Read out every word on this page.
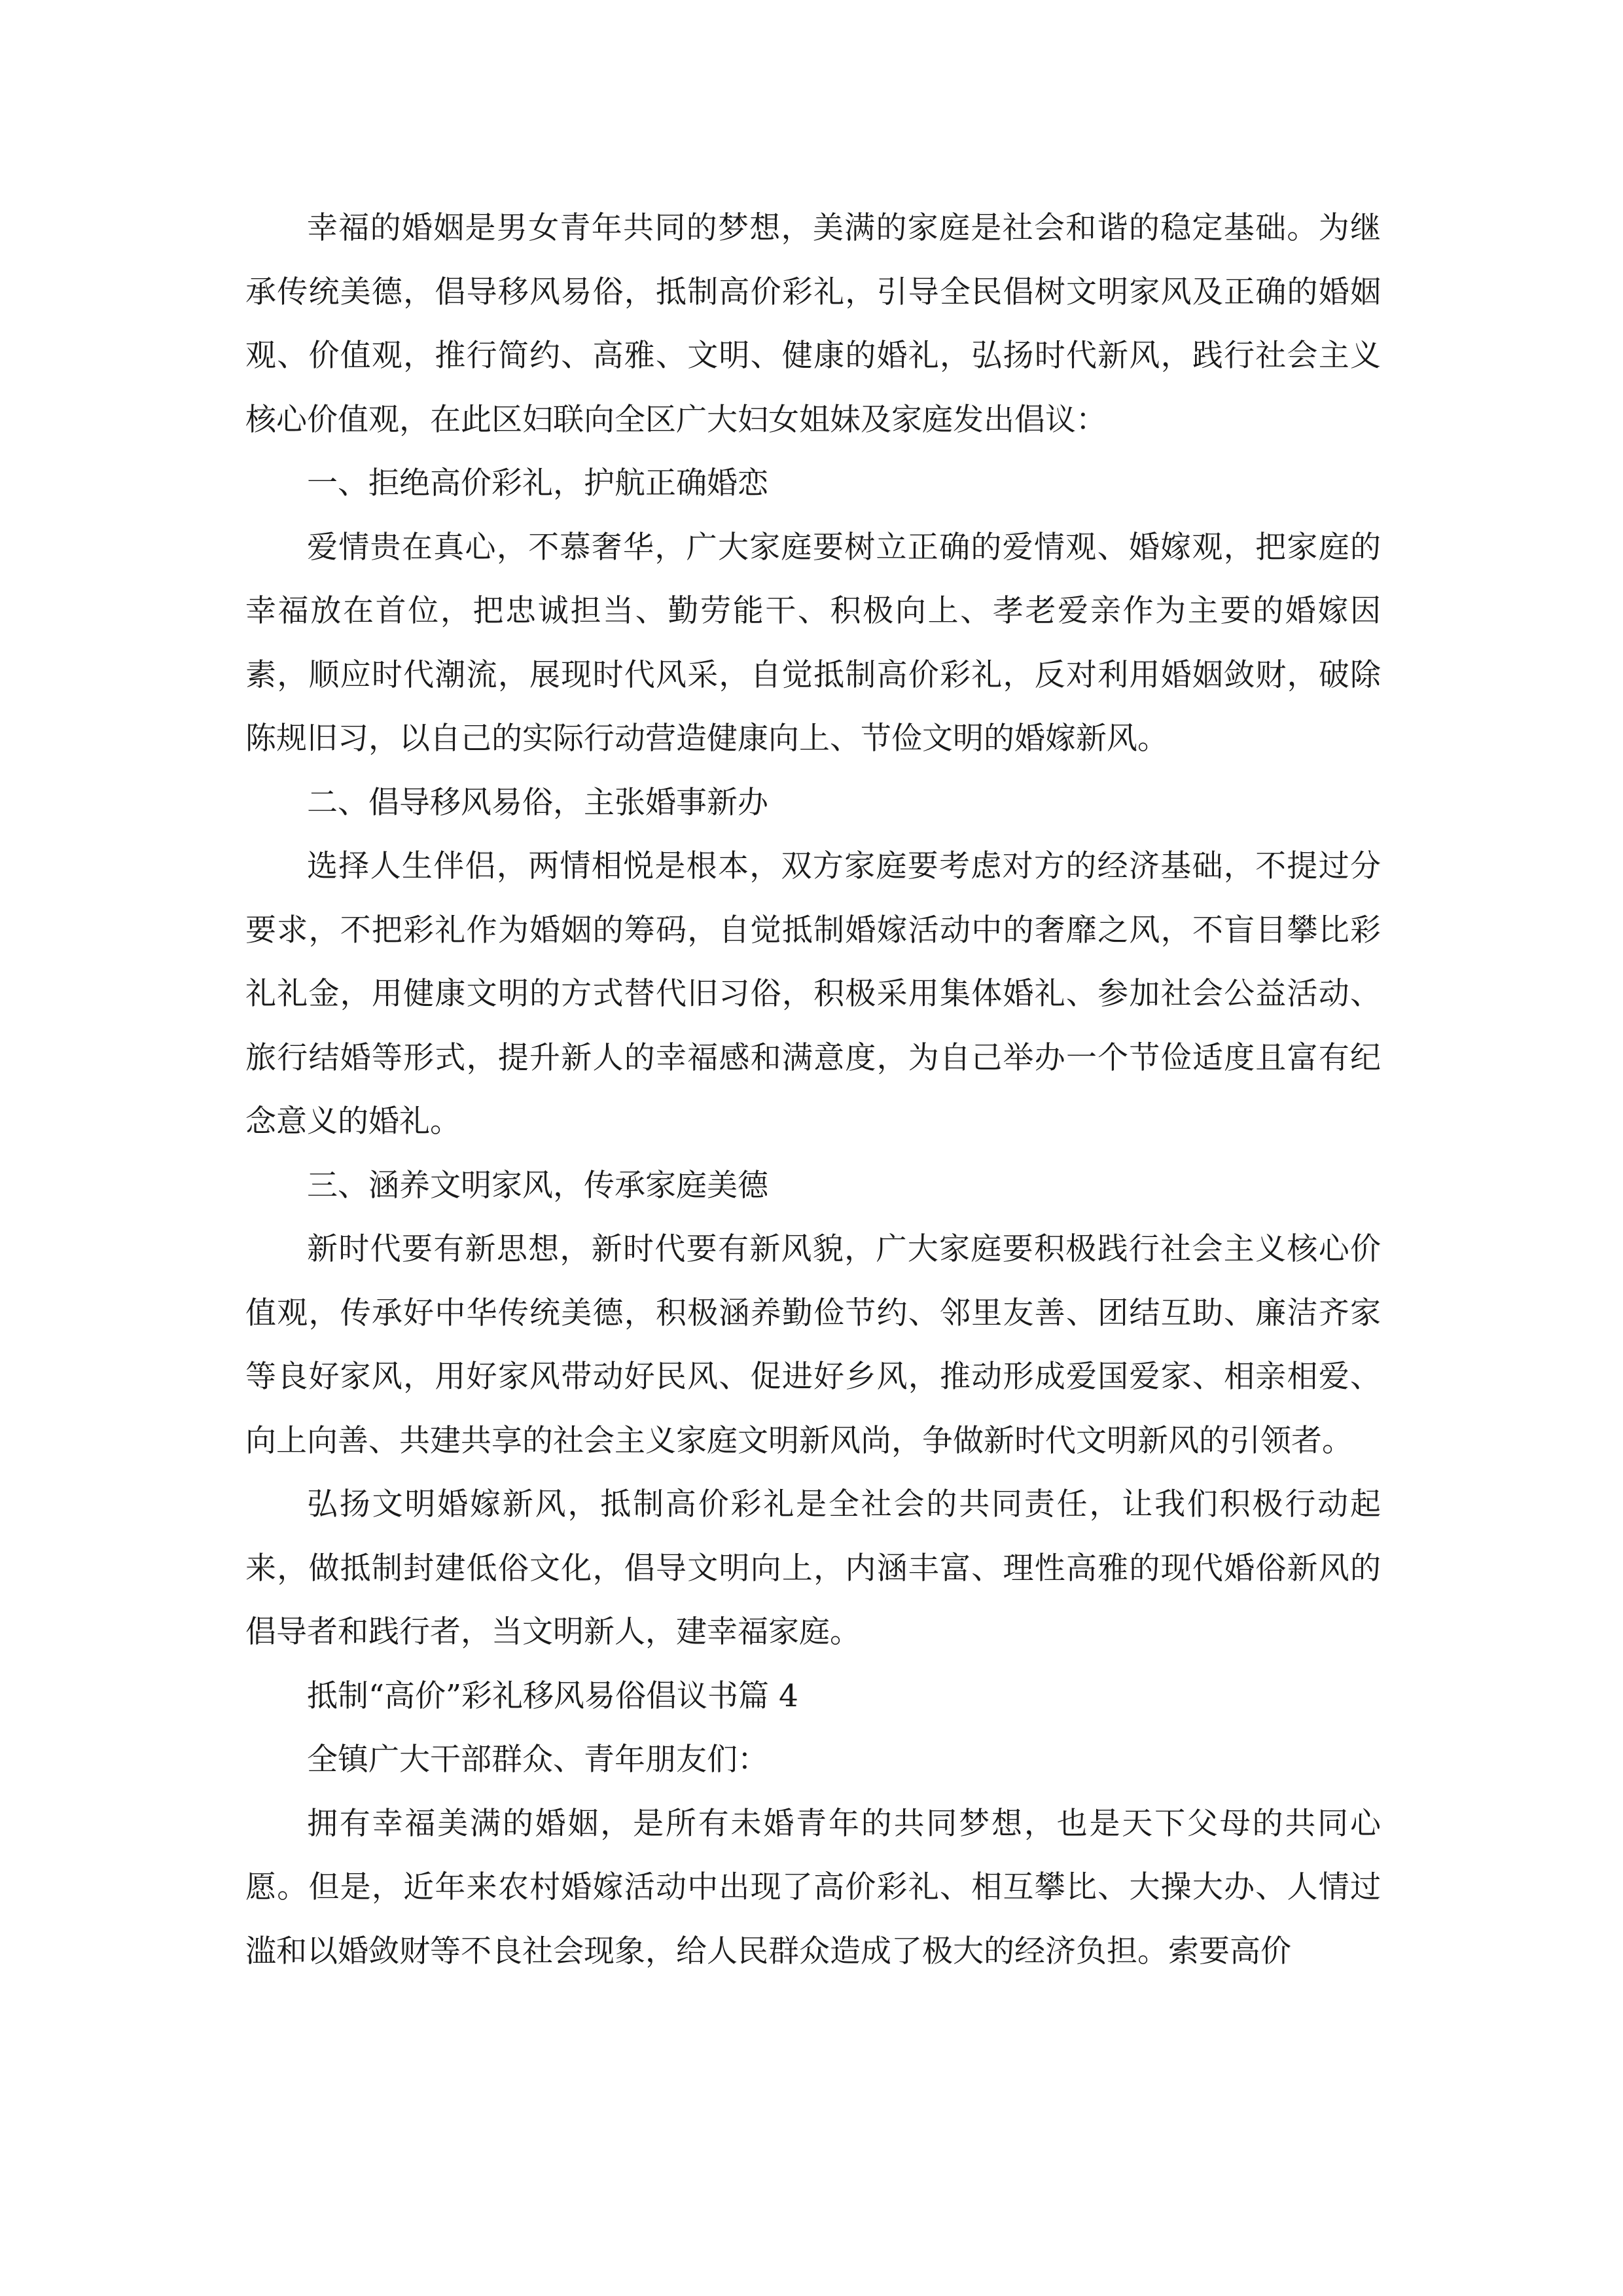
幸福的婚姻是男女青年共同的梦想，美满的家庭是社会和谐的稳定基础。为继承传统美德，倡导移风易俗，抵制高价彩礼，引导全民倡树文明家风及正确的婚姻观、价值观，推行简约、高雅、文明、健康的婚礼，弘扬时代新风，践行社会主义核心价值观，在此区妇联向全区广大妇女姐妹及家庭发出倡议：

一、拒绝高价彩礼，护航正确婚恋

爱情贵在真心，不慕奢华，广大家庭要树立正确的爱情观、婚嫁观，把家庭的幸福放在首位，把忠诚担当、勤劳能干、积极向上、孝老爱亲作为主要的婚嫁因素，顺应时代潮流，展现时代风采，自觉抵制高价彩礼，反对利用婚姻敛财，破除陈规旧习，以自己的实际行动营造健康向上、节俭文明的婚嫁新风。

二、倡导移风易俗，主张婚事新办

选择人生伴侣，两情相悦是根本，双方家庭要考虑对方的经济基础，不提过分要求，不把彩礼作为婚姻的筹码，自觉抵制婚嫁活动中的奢靡之风，不盲目攀比彩礼礼金，用健康文明的方式替代旧习俗，积极采用集体婚礼、参加社会公益活动、旅行结婚等形式，提升新人的幸福感和满意度，为自己举办一个节俭适度且富有纪念意义的婚礼。

三、涵养文明家风，传承家庭美德

新时代要有新思想，新时代要有新风貌，广大家庭要积极践行社会主义核心价值观，传承好中华传统美德，积极涵养勤俭节约、邻里友善、团结互助、廉洁齐家等良好家风，用好家风带动好民风、促进好乡风，推动形成爱国爱家、相亲相爱、向上向善、共建共享的社会主义家庭文明新风尚，争做新时代文明新风的引领者。

弘扬文明婚嫁新风，抵制高价彩礼是全社会的共同责任，让我们积极行动起来，做抵制封建低俗文化，倡导文明向上，内涵丰富、理性高雅的现代婚俗新风的倡导者和践行者，当文明新人，建幸福家庭。

抵制“高价”彩礼移风易俗倡议书篇 4

全镇广大干部群众、青年朋友们：

拥有幸福美满的婚姻，是所有未婚青年的共同梦想，也是天下父母的共同心愿。但是，近年来农村婚嫁活动中出现了高价彩礼、相互攀比、大操大办、人情过滥和以婚敛财等不良社会现象，给人民群众造成了极大的经济负担。索要高价
